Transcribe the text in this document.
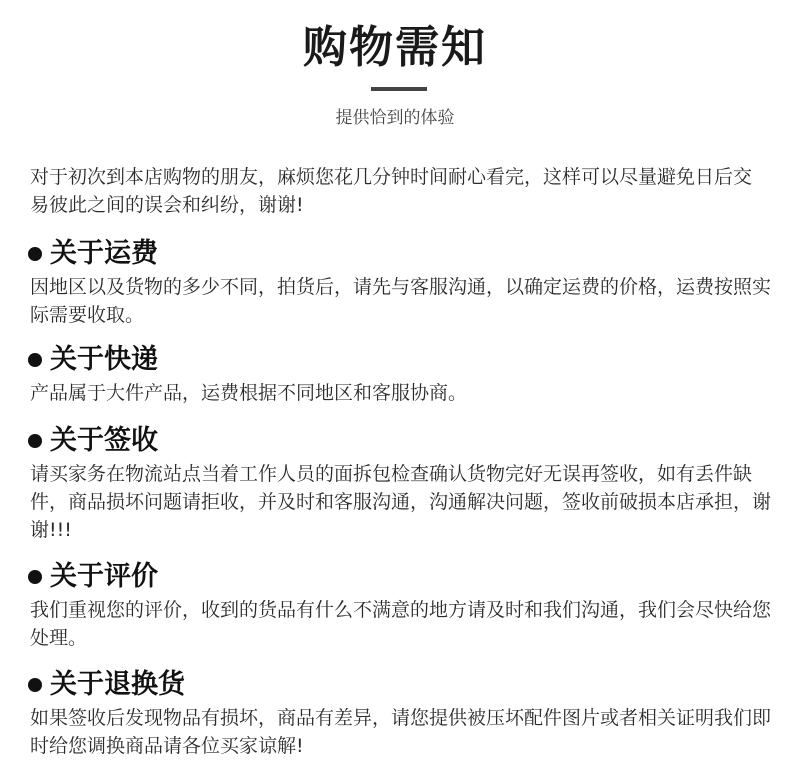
购物需知
提供恰到的体验
对于初次到本店购物的朋友，麻烦您花几分钟时间耐心看完，这样可以尽量避免日后交易彼此之间的误会和纠纷，谢谢!
关于运费
因地区以及货物的多少不同，拍货后，请先与客服沟通，以确定运费的价格，运费按照实际需要收取。
关于快递
产品属于大件产品，运费根据不同地区和客服协商。
关于签收
请买家务在物流站点当着工作人员的面拆包检查确认货物完好无误再签收，如有丢件缺件，商品损坏问题请拒收，并及时和客服沟通，沟通解决问题，签收前破损本店承担，谢谢!!!
关于评价
我们重视您的评价，收到的货品有什么不满意的地方请及时和我们沟通，我们会尽快给您处理。
关于退换货
如果签收后发现物品有损坏，商品有差异，请您提供被压坏配件图片或者相关证明我们即时给您调换商品请各位买家谅解!
